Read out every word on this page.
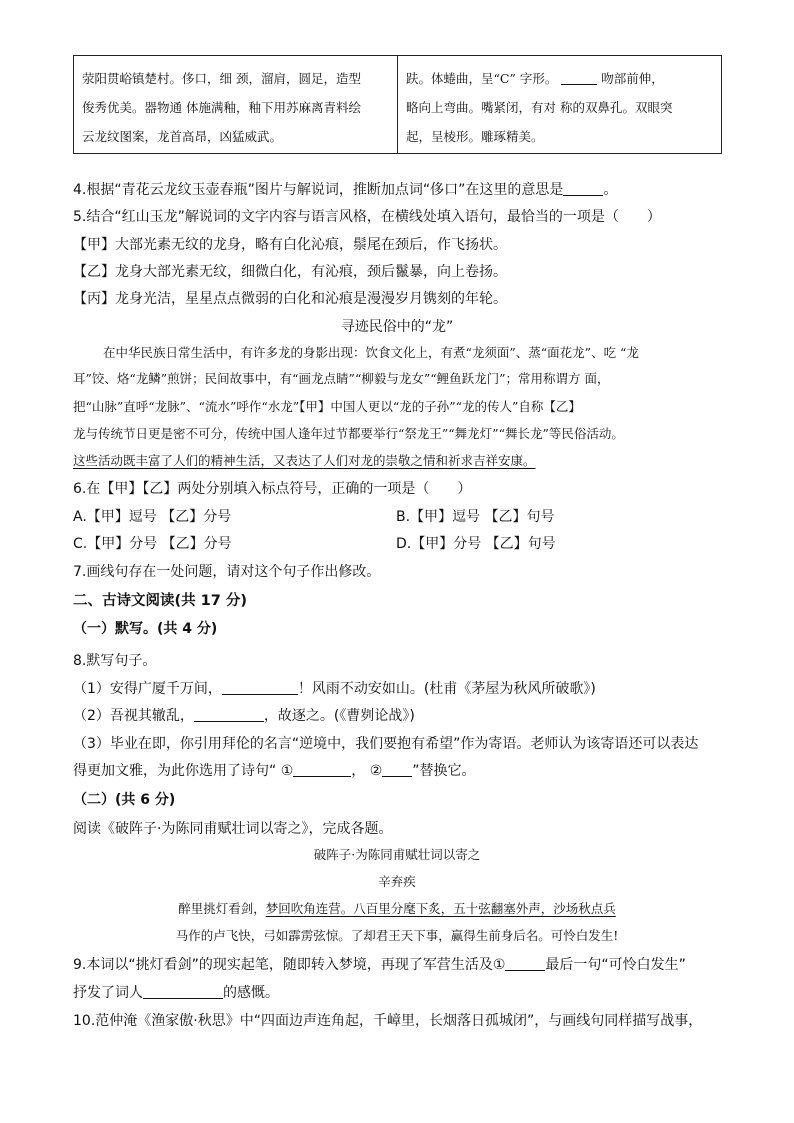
荥阳贯峪镇楚村。侈口，细 颈，溜肩，圆足，造型
俊秀优美。器物通 体施满釉，釉下用苏麻离青料绘
云龙纹图案，龙首高昂，凶猛威武。

趺。体蜷曲，呈“C” 字形。	吻部前伸，
略向上弯曲。嘴紧闭，有对 称的双鼻孔。双眼突
起，呈棱形。雕琢精美。
4.根据“青花云龙纹玉壶春瓶”图片与解说词，推断加点词“侈口”在这里的意思是	。
5.结合“红山玉龙”解说词的文字内容与语言风格，在横线处填入语句，最恰当的一项是（　　）
【甲】大部光素无纹的龙身，略有白化沁痕，鬃尾在颈后，作飞扬状。
【乙】龙身大部光素无纹，细微白化，有沁痕，颈后鬣暴，向上卷扬。
【丙】龙身光洁，星星点点微弱的白化和沁痕是漫漫岁月镌刻的年轮。
寻迹民俗中的“龙”
在中华民族日常生活中，有许多龙的身影出现：饮食文化上，有煮“龙须面”、蒸“面花龙”、吃 “龙
耳”饺、烙“龙鳞”煎饼；民间故事中，有“画龙点睛”“柳毅与龙女”“鲤鱼跃龙门”；常用称谓方 面，
把“山脉”直呼“龙脉”、“流水”呼作“水龙”【甲】中国人更以“龙的子孙”“龙的传人”自称【乙】
龙与传统节日更是密不可分，传统中国人逢年过节都要举行“祭龙王”“舞龙灯”“舞长龙”等民俗活动。
这些活动既丰富了人们的精神生活，又表达了人们对龙的崇敬之情和祈求吉祥安康。
6.在【甲】【乙】两处分别填入标点符号，正确的一项是（　　）
A.【甲】逗号 【乙】分号	B.【甲】逗号 【乙】句号
C.【甲】分号 【乙】分号	D.【甲】分号 【乙】句号
7.画线句存在一处问题，请对这个句子作出修改。
二、古诗文阅读(共 17 分)
（一）默写。(共 4 分)
8.默写句子。
（1）安得广厦千万间，	！风雨不动安如山。(杜甫《茅屋为秋风所破歌》)
（2）吾视其辙乱，	，故逐之。(《曹刿论战》)
（3）毕业在即，你引用拜伦的名言“逆境中，我们要抱有希望”作为寄语。老师认为该寄语还可以表达
得更加文雅，为此你选用了诗句“ ①	， ② ”替换它。
（二）(共 6 分)
阅读《破阵子·为陈同甫赋壮词以寄之》，完成各题。
破阵子·为陈同甫赋壮词以寄之
辛弃疾
醉里挑灯看剑，梦回吹角连营。八百里分麾下炙，五十弦翻塞外声，沙场秋点兵
马作的卢飞快，弓如霹雳弦惊。了却君王天下事，赢得生前身后名。可怜白发生!
9.本词以“挑灯看剑”的现实起笔，随即转入梦境，再现了军营生活及①	最后一句“可怜白发生”
抒发了词人	的感慨。
10.范仲淹《渔家傲·秋思》中“四面边声连角起，千嶂里，长烟落日孤城闭”，与画线句同样描写战事，
